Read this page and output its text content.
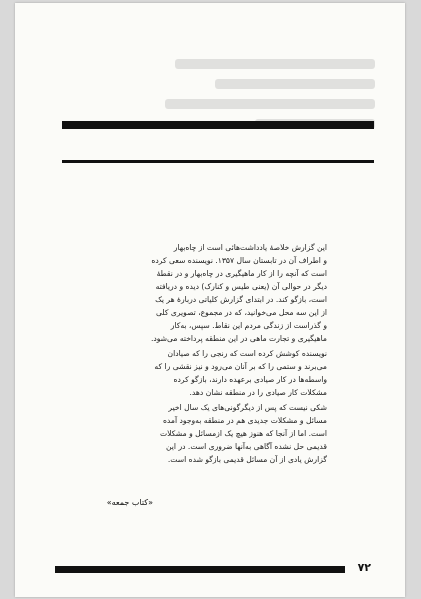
این گزارش خلاصهٔ یادداشت‌هائی است از چاه‌بهار
و اطراف آن در تابستان سال ۱۳۵۷. نویسنده سعی کرده
است که آنچه را از کار ماهیگیری در چاه‌بهار و در نقطهٔ
دیگر در حوالی آن (یعنی طیس و کنارک) دیده و دریافته
است، بازگو کند. در ابتدای گزارش کلیاتی دربارهٔ هر یک
از این سه محل می‌خوانید، که در مجموع، تصویری کلی
و گذراست از زندگی مردم این نقاط. سپس، به‌کار
ماهیگیری و تجارت ماهی در این منطقه پرداخته می‌شود.

نویسنده کوشش کرده است که رنجی را که صیادان
می‌برند و ستمی را که بر آنان می‌رود و نیز نقشی را که
واسطه‌ها در کار صیادی برعهده دارند، بازگو کرده
مشکلات کار صیادی را در منطقه نشان دهد.

شکی نیست که پس از دیگرگونی‌های یک سال اخیر
مسائل و مشکلات جدیدی هم در منطقه به‌وجود آمده
است. اما از آنجا که هنوز هیچ یک ازمسائل و مشکلات
قدیمی حل نشده آگاهی به‌آنها ضروری است. در این
گزارش یادی از آن مسائل قدیمی بازگو شده است.

«کتاب جمعه»
۷۲
